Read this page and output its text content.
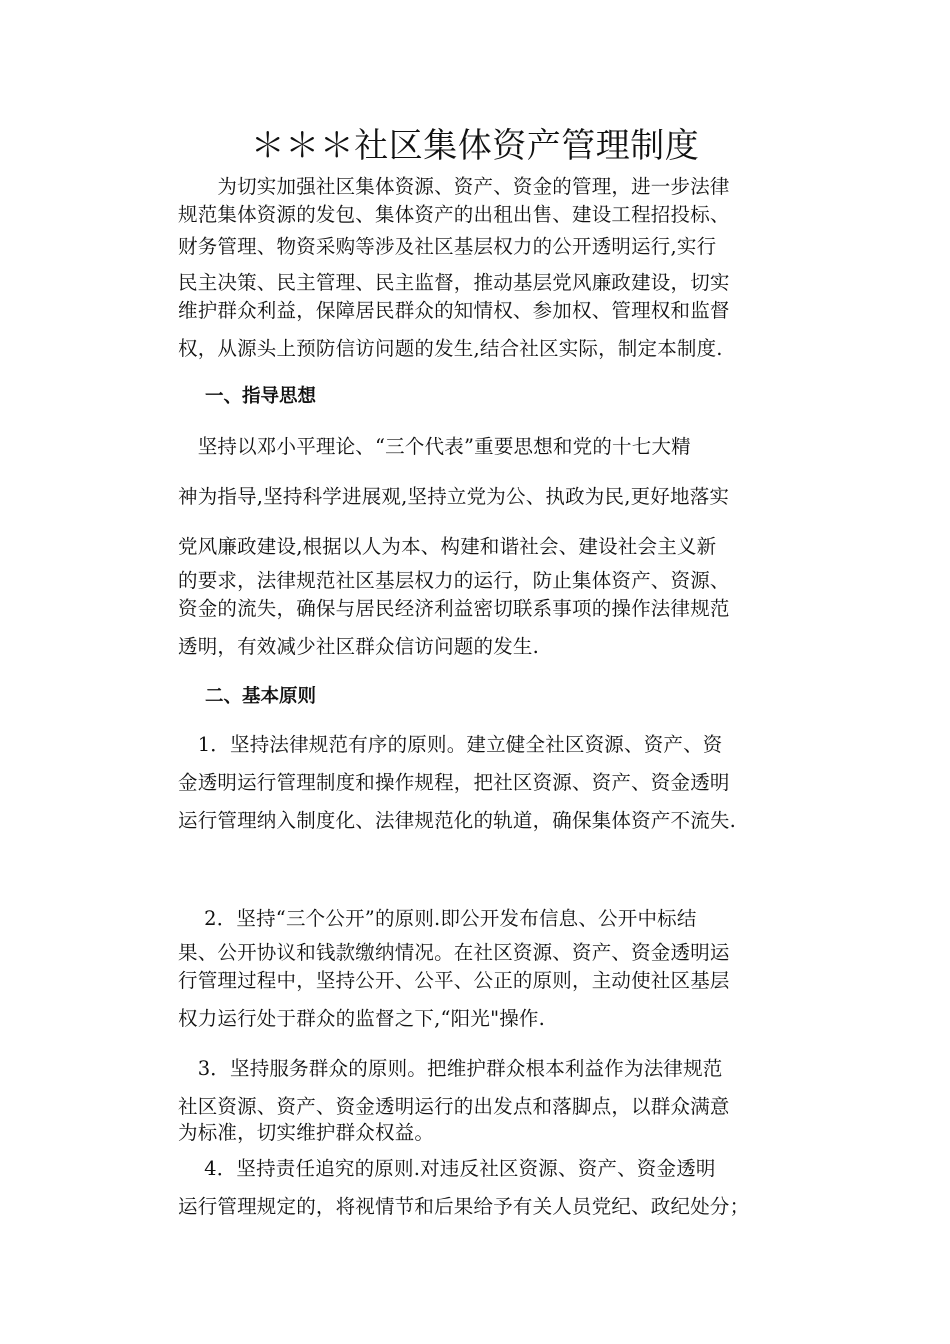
＊＊＊社区集体资产管理制度
　　为切实加强社区集体资源、资产、资金的管理，进一步法律
规范集体资源的发包、集体资产的出租出售、建设工程招投标、
财务管理、物资采购等涉及社区基层权力的公开透明运行,实行
民主决策、民主管理、民主监督，推动基层党风廉政建设，切实
维护群众利益，保障居民群众的知情权、参加权、管理权和监督
权，从源头上预防信访问题的发生,结合社区实际，制定本制度.
一、指导思想
　坚持以邓小平理论、“三个代表”重要思想和党的十七大精
神为指导,坚持科学进展观,坚持立党为公、执政为民,更好地落实
党风廉政建设,根据以人为本、构建和谐社会、建设社会主义新
的要求，法律规范社区基层权力的运行，防止集体资产、资源、
资金的流失，确保与居民经济利益密切联系事项的操作法律规范
透明，有效减少社区群众信访问题的发生.
二、基本原则
　1．坚持法律规范有序的原则。建立健全社区资源、资产、资
金透明运行管理制度和操作规程，把社区资源、资产、资金透明
运行管理纳入制度化、法律规范化的轨道，确保集体资产不流失.
　 2．坚持“三个公开”的原则.即公开发布信息、公开中标结
果、公开协议和钱款缴纳情况。在社区资源、资产、资金透明运
行管理过程中，坚持公开、公平、公正的原则，主动使社区基层
权力运行处于群众的监督之下,“阳光"操作.
　3．坚持服务群众的原则。把维护群众根本利益作为法律规范
社区资源、资产、资金透明运行的出发点和落脚点，以群众满意
为标准，切实维护群众权益。
　 4．坚持责任追究的原则.对违反社区资源、资产、资金透明
运行管理规定的，将视情节和后果给予有关人员党纪、政纪处分；
